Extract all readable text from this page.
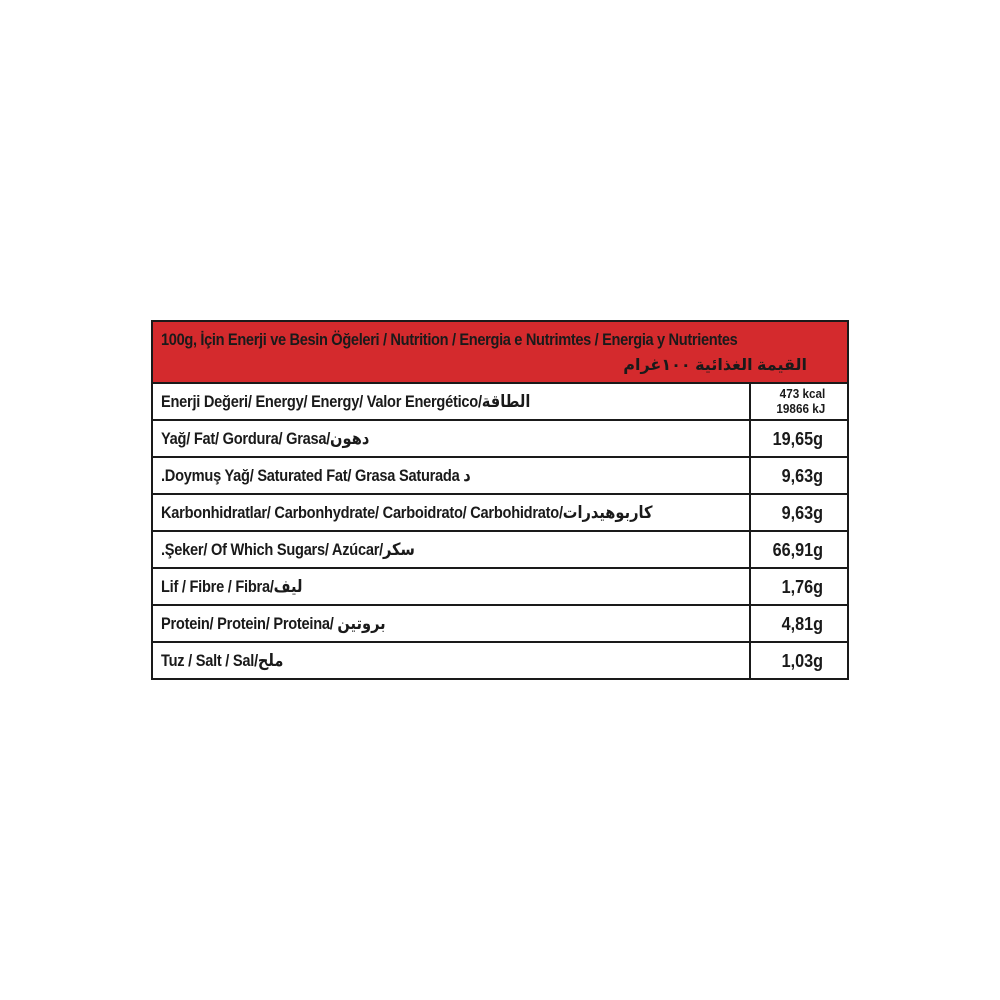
100g, İçin Enerji ve Besin Öğeleri / Nutrition / Energia e Nutrimtes / Energia y Nutrientes
القيمة الغذائية ١٠٠غرام
Enerji Değeri/ Energy/ Energy/ Valor Energético/الطاقة	473 kcal
19866 kJ
Yağ/ Fat/ Gordura/ Grasa/دهون	19,65g
.Doymuş Yağ/ Saturated Fat/ Grasa Saturada د	9,63g
Karbonhidratlar/ Carbonhydrate/ Carboidrato/ Carbohidrato/كاربوهيدرات	9,63g
.Şeker/ Of Which Sugars/ Azúcar/سكر	66,91g
Lif / Fibre / Fibra/ليف	1,76g
Protein/ Protein/ Proteina/ بروتين	4,81g
Tuz / Salt / Sal/ملح	1,03g
